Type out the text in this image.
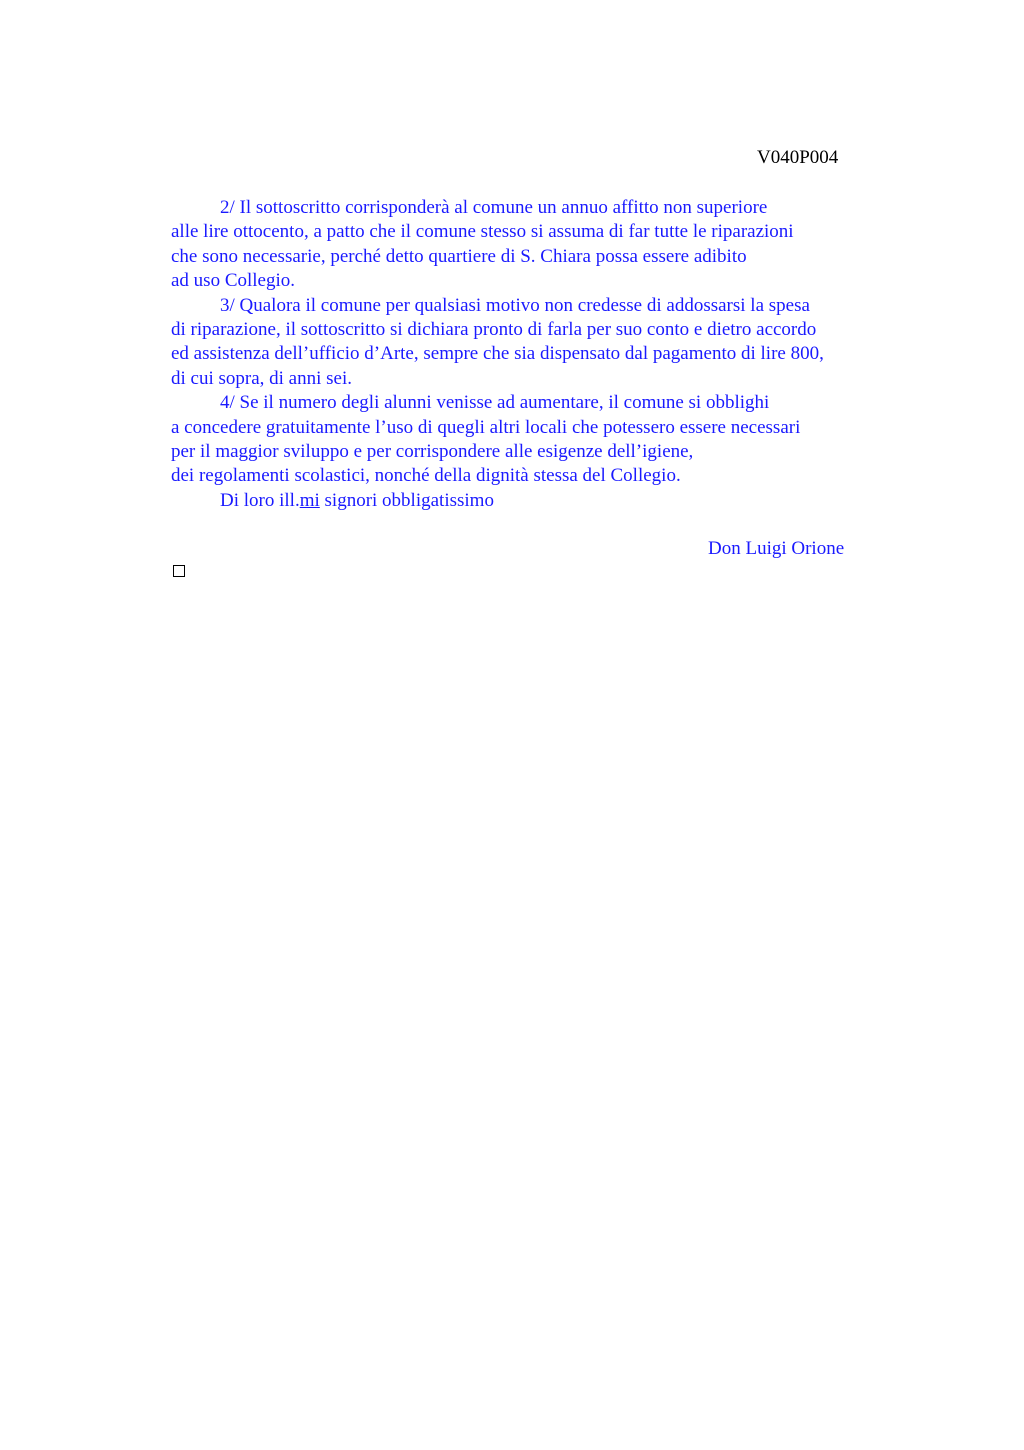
V040P004
2/ Il sottoscritto corrisponderà al comune un annuo affitto non superiore
alle lire ottocento, a patto che il comune stesso si assuma di far tutte le riparazioni
che sono necessarie, perché detto quartiere di S. Chiara possa essere adibito
ad uso Collegio.
3/ Qualora il comune per qualsiasi motivo non credesse di addossarsi la spesa
di riparazione, il sottoscritto si dichiara pronto di farla per suo conto e dietro accordo
ed assistenza dell’ufficio d’Arte, sempre che sia dispensato dal pagamento di lire 800,
di cui sopra, di anni sei.
4/ Se il numero degli alunni venisse ad aumentare, il comune si obblighi
a concedere gratuitamente l’uso di quegli altri locali che potessero essere necessari
per il maggior sviluppo e per corrispondere alle esigenze dell’igiene,
dei regolamenti scolastici, nonché della dignità stessa del Collegio.
Di loro ill.mi signori obbligatissimo
Don Luigi Orione
